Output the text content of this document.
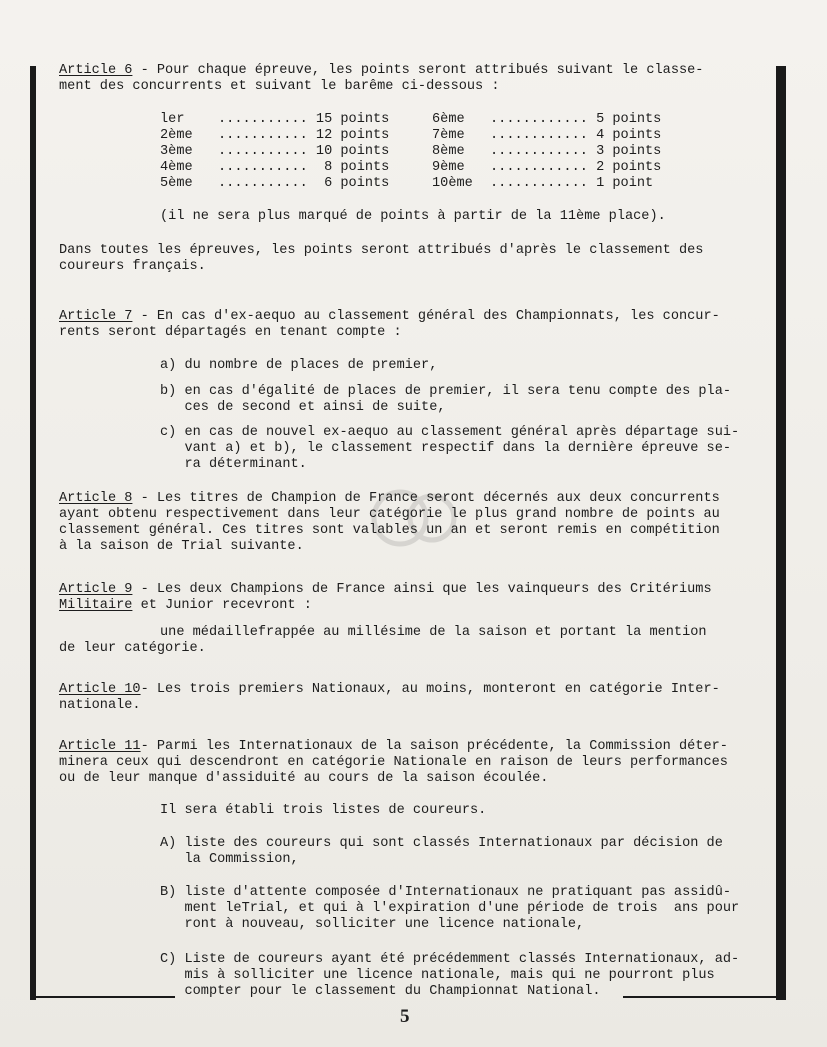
Article 6 - Pour chaque épreuve, les points seront attribués suivant le classe-
ment des concurrents et suivant le barême ci-dessous :
ler ........... 15 points
2ème ........... 12 points
3ème ........... 10 points
4ème ...........  8 points
5ème ...........  6 points
6ème ............ 5 points
7ème ............ 4 points
8ème ............ 3 points
9ème ............ 2 points
10ème ............ 1 point
(il ne sera plus marqué de points à partir de la 11ème place).
Dans toutes les épreuves, les points seront attribués d'après le classement des
coureurs français.
Article 7 - En cas d'ex-aequo au classement général des Championnats, les concur-
rents seront départagés en tenant compte :
a) du nombre de places de premier,
b) en cas d'égalité de places de premier, il sera tenu compte des pla-
ces de second et ainsi de suite,
c) en cas de nouvel ex-aequo au classement général après départage sui-
vant a) et b), le classement respectif dans la dernière épreuve se-
ra déterminant.
Article 8 - Les titres de Champion de France seront décernés aux deux concurrents
ayant obtenu respectivement dans leur catégorie le plus grand nombre de points au
classement général. Ces titres sont valables un an et seront remis en compétition
à la saison de Trial suivante.
Article 9 - Les deux Champions de France ainsi que les vainqueurs des Critériums
Militaire et Junior recevront :
une médaillefrappée au millésime de la saison et portant la mention
de leur catégorie.
Article 10- Les trois premiers Nationaux, au moins, monteront en catégorie Inter-
nationale.
Article 11- Parmi les Internationaux de la saison précédente, la Commission déter-
minera ceux qui descendront en catégorie Nationale en raison de leurs performances
ou de leur manque d'assiduité au cours de la saison écoulée.
Il sera établi trois listes de coureurs.
A) liste des coureurs qui sont classés Internationaux par décision de
la Commission,
B) liste d'attente composée d'Internationaux ne pratiquant pas assidû-
ment leTrial, et qui à l'expiration d'une période de trois  ans pour
ront à nouveau, solliciter une licence nationale,
C) Liste de coureurs ayant été précédemment classés Internationaux, ad-
mis à solliciter une licence nationale, mais qui ne pourront plus
compter pour le classement du Championnat National.
5
